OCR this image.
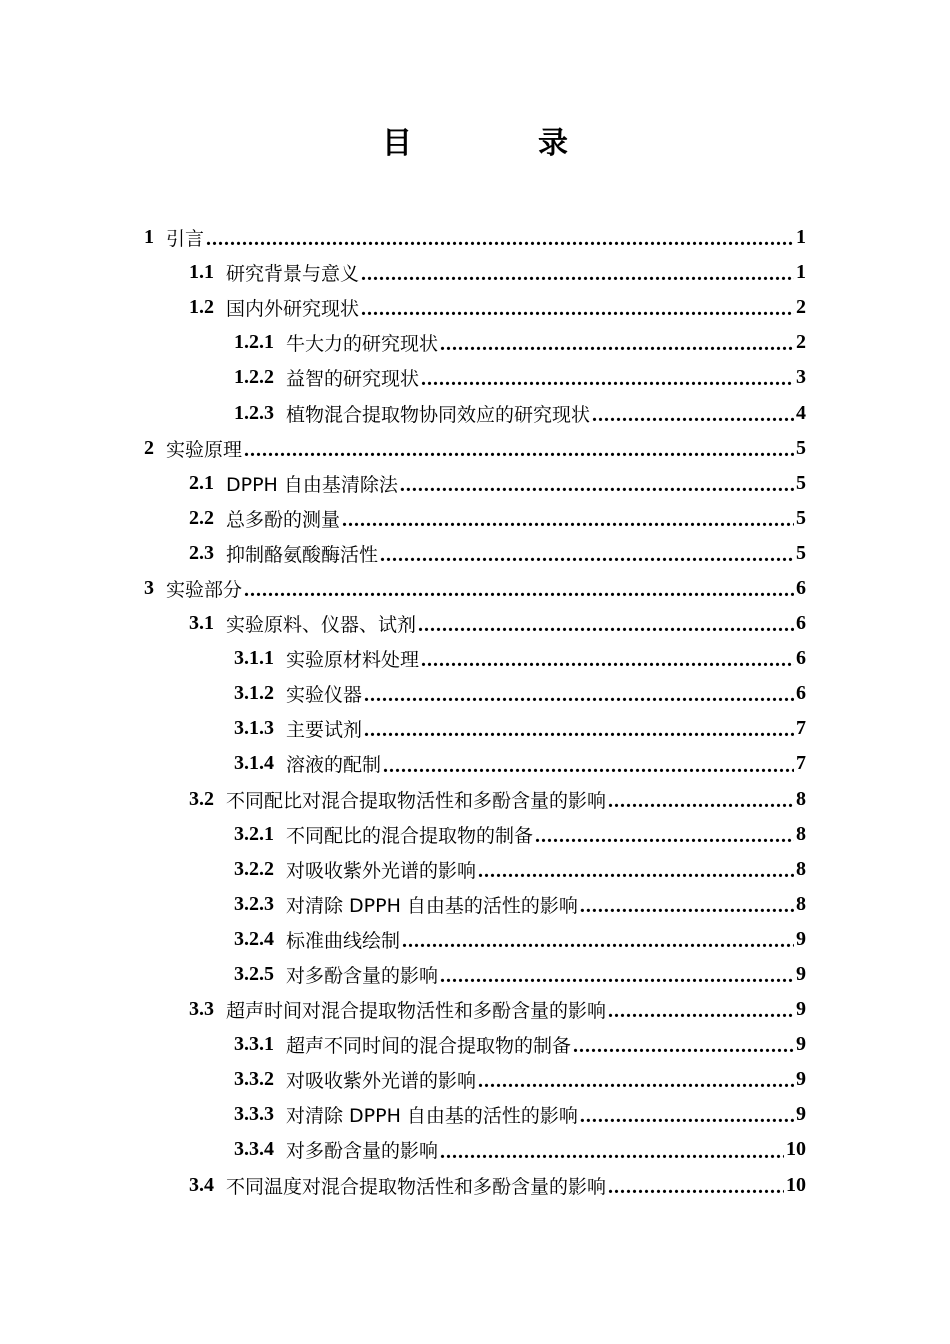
目　录
1 引言 .....	1
1.1 研究背景与意义 .....	1
1.2 国内外研究现状 .....	2
1.2.1 牛大力的研究现状 .....	2
1.2.2 益智的研究现状 .....	3
1.2.3 植物混合提取物协同效应的研究现状 .....	4
2 实验原理 .....	5
2.1 DPPH 自由基清除法 .....	5
2.2 总多酚的测量 .....	5
2.3 抑制酪氨酸酶活性 .....	5
3 实验部分 .....	6
3.1 实验原料、仪器、试剂 .....	6
3.1.1 实验原材料处理 .....	6
3.1.2 实验仪器 .....	6
3.1.3 主要试剂 .....	7
3.1.4 溶液的配制 .....	7
3.2 不同配比对混合提取物活性和多酚含量的影响 .....	8
3.2.1 不同配比的混合提取物的制备 .....	8
3.2.2 对吸收紫外光谱的影响 .....	8
3.2.3 对清除 DPPH 自由基的活性的影响 .....	8
3.2.4 标准曲线绘制 .....	9
3.2.5 对多酚含量的影响 .....	9
3.3 超声时间对混合提取物活性和多酚含量的影响 .....	9
3.3.1 超声不同时间的混合提取物的制备 .....	9
3.3.2 对吸收紫外光谱的影响 .....	9
3.3.3 对清除 DPPH 自由基的活性的影响 .....	9
3.3.4 对多酚含量的影响 .....	10
3.4 不同温度对混合提取物活性和多酚含量的影响 .....	10
